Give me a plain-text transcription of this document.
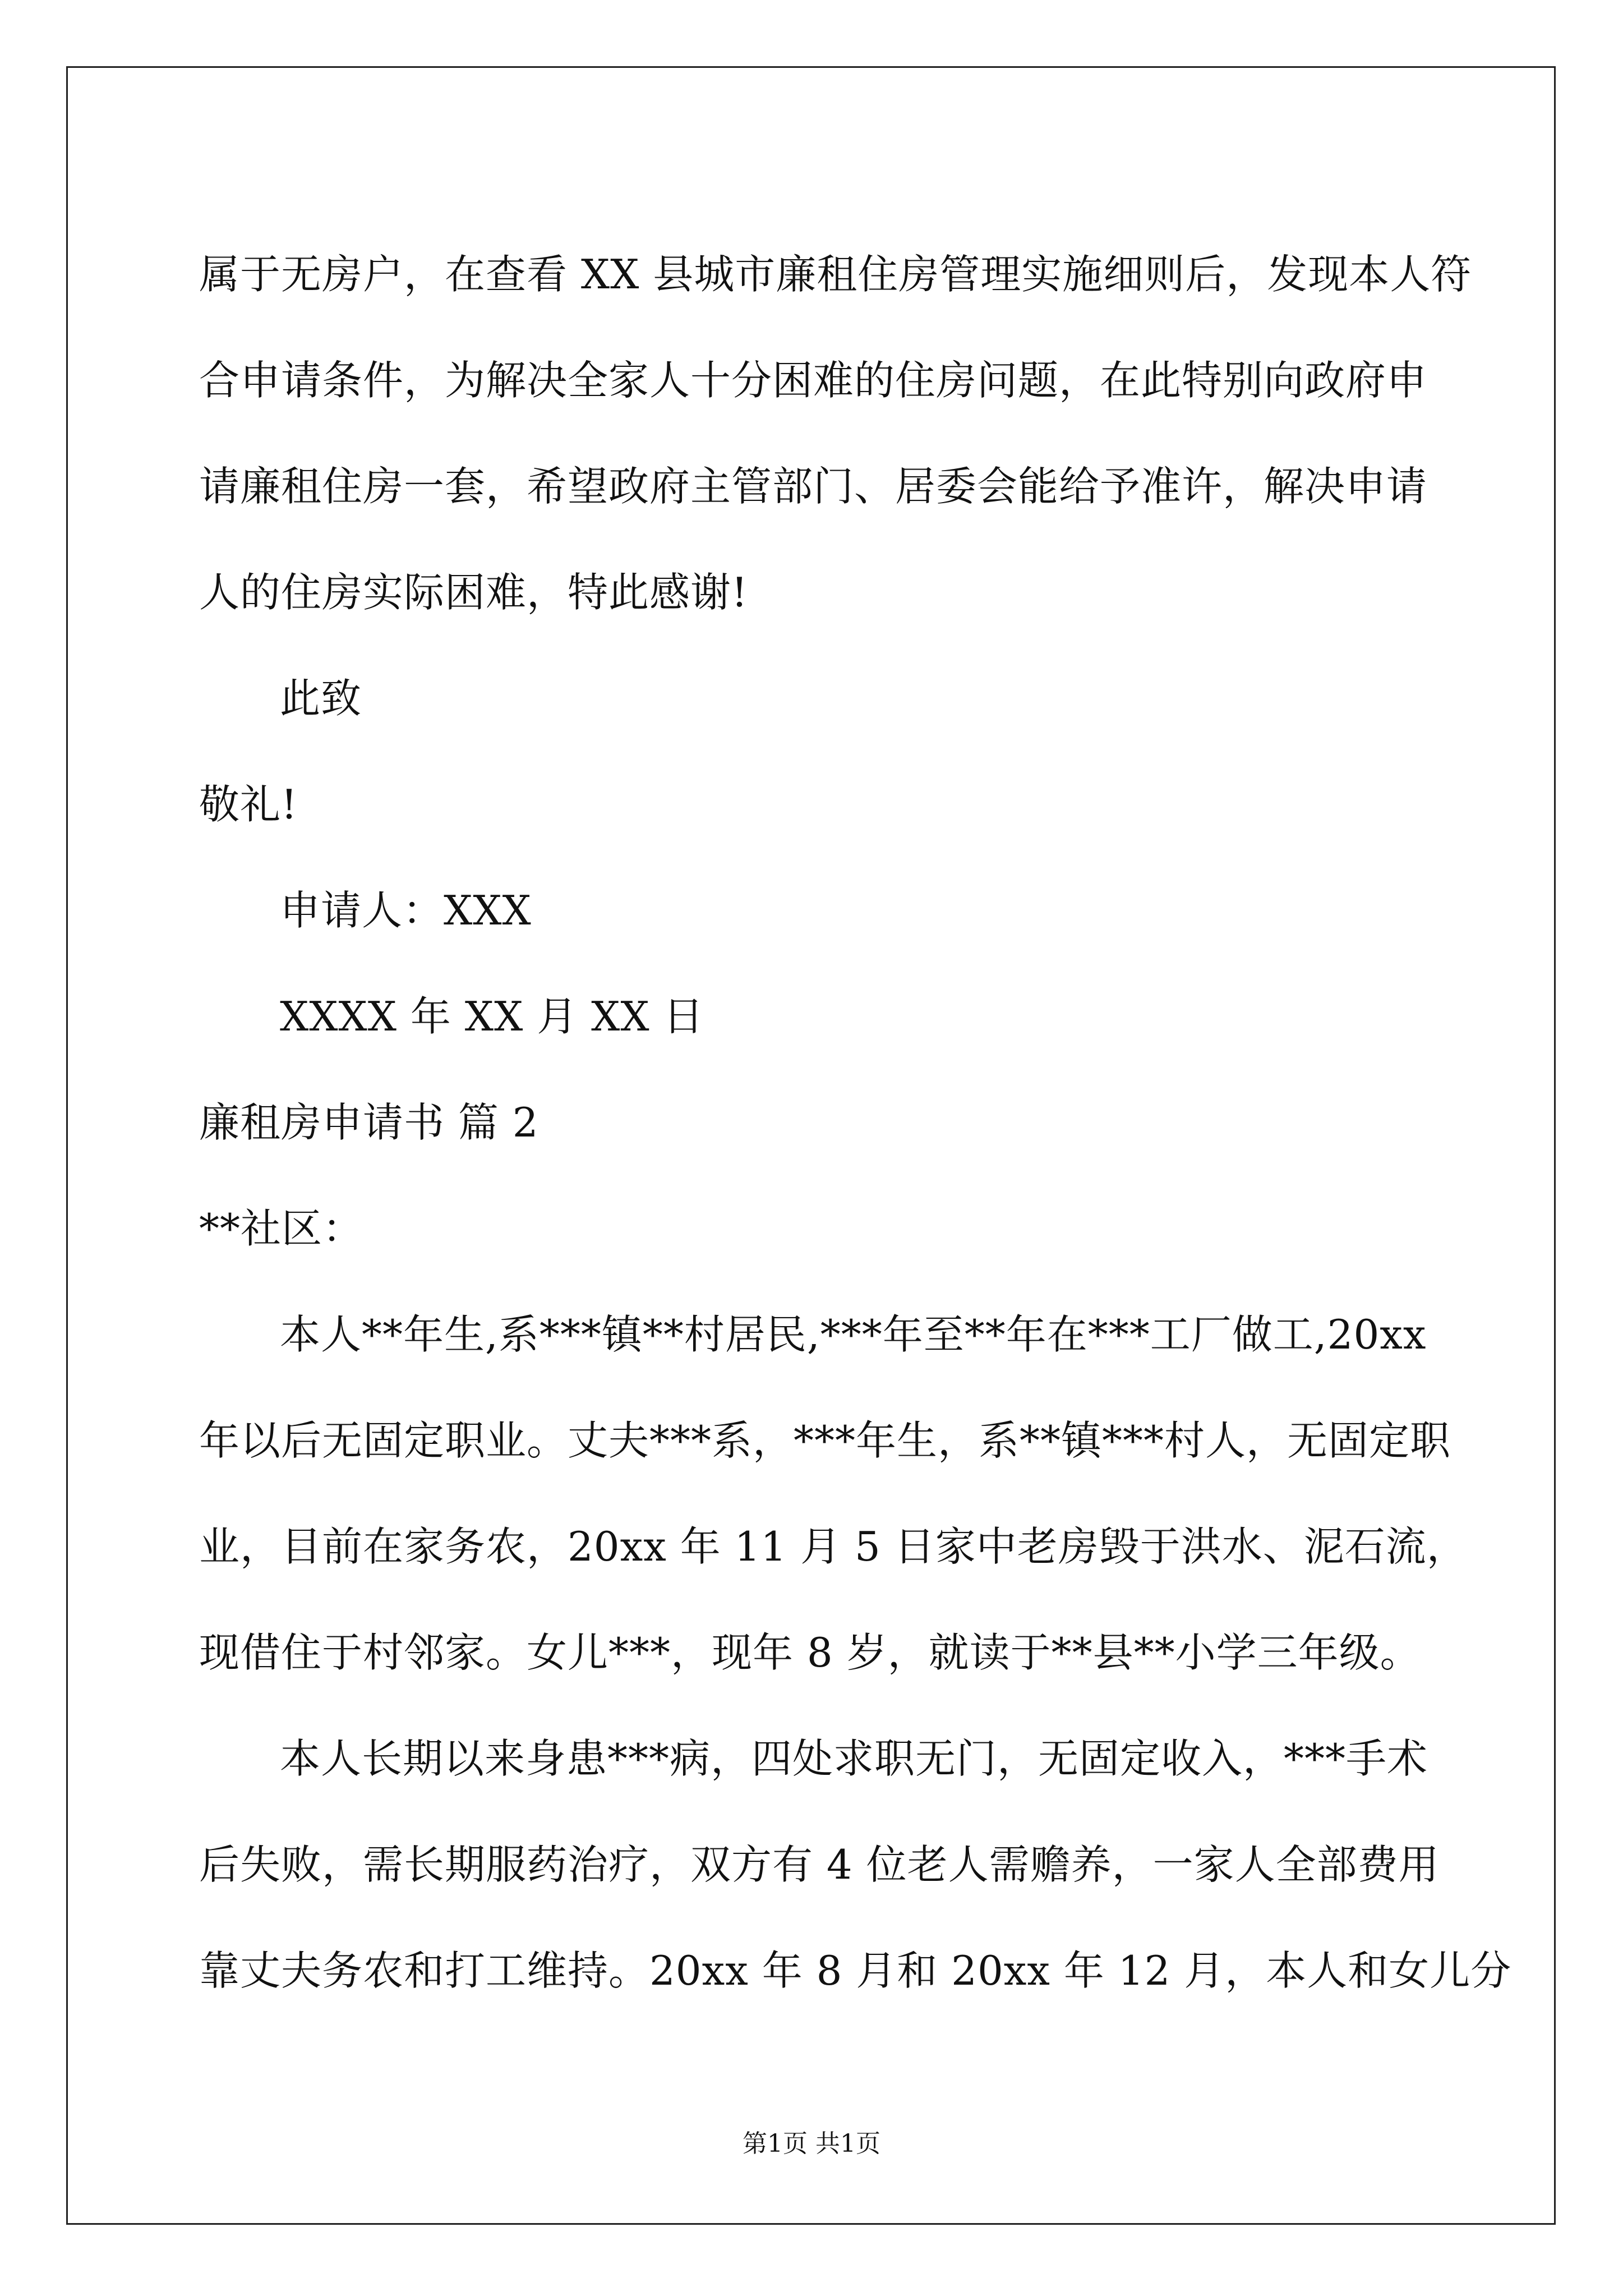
属于无房户，在查看 XX 县城市廉租住房管理实施细则后，发现本人符
合申请条件，为解决全家人十分困难的住房问题，在此特别向政府申
请廉租住房一套，希望政府主管部门、居委会能给予准许，解决申请
人的住房实际困难，特此感谢!
此致
敬礼!
申请人：XXX
XXXX 年 XX 月 XX 日
廉租房申请书 篇 2
**社区：
本人**年生,系***镇**村居民,***年至**年在***工厂做工,20xx
年以后无固定职业。丈夫***系，***年生，系**镇***村人，无固定职
业，目前在家务农，20xx 年 11 月 5 日家中老房毁于洪水、泥石流，
现借住于村邻家。女儿***，现年 8 岁，就读于**县**小学三年级。
本人长期以来身患***病，四处求职无门，无固定收入，***手术
后失败，需长期服药治疗，双方有 4 位老人需赡养，一家人全部费用
靠丈夫务农和打工维持。20xx 年 8 月和 20xx 年 12 月，本人和女儿分
第1页 共1页
